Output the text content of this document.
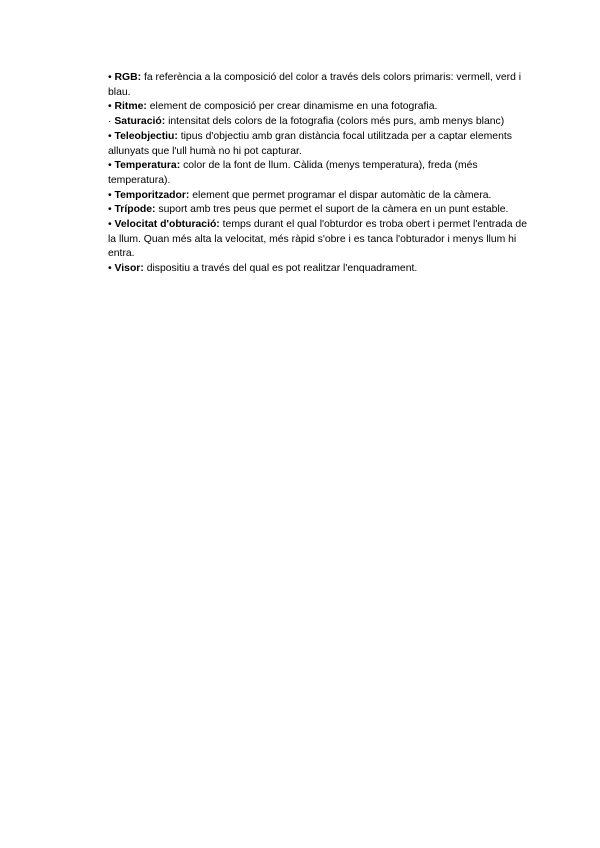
• RGB: fa referència a la composició del color a través dels colors primaris: vermell, verd i blau.

• Ritme: element de composició per crear dinamisme en una fotografia.

· Saturació: intensitat dels colors de la fotografia (colors més purs, amb menys blanc)

• Teleobjectiu: tipus d'objectiu amb gran distància focal utilitzada per a captar elements allunyats que l'ull humà no hi pot capturar.

• Temperatura: color de la font de llum. Càlida (menys temperatura), freda (més temperatura).

• Temporitzador: element que permet programar el dispar automàtic de la càmera.

• Trípode: suport amb tres peus que permet el suport de la càmera en un punt estable.

• Velocitat d'obturació: temps durant el qual l'obturdor es troba obert i permet l'entrada de la llum. Quan més alta la velocitat, més ràpid s'obre i es tanca l'obturador i menys llum hi entra.

• Visor: dispositiu a través del qual es pot realitzar l'enquadrament.
